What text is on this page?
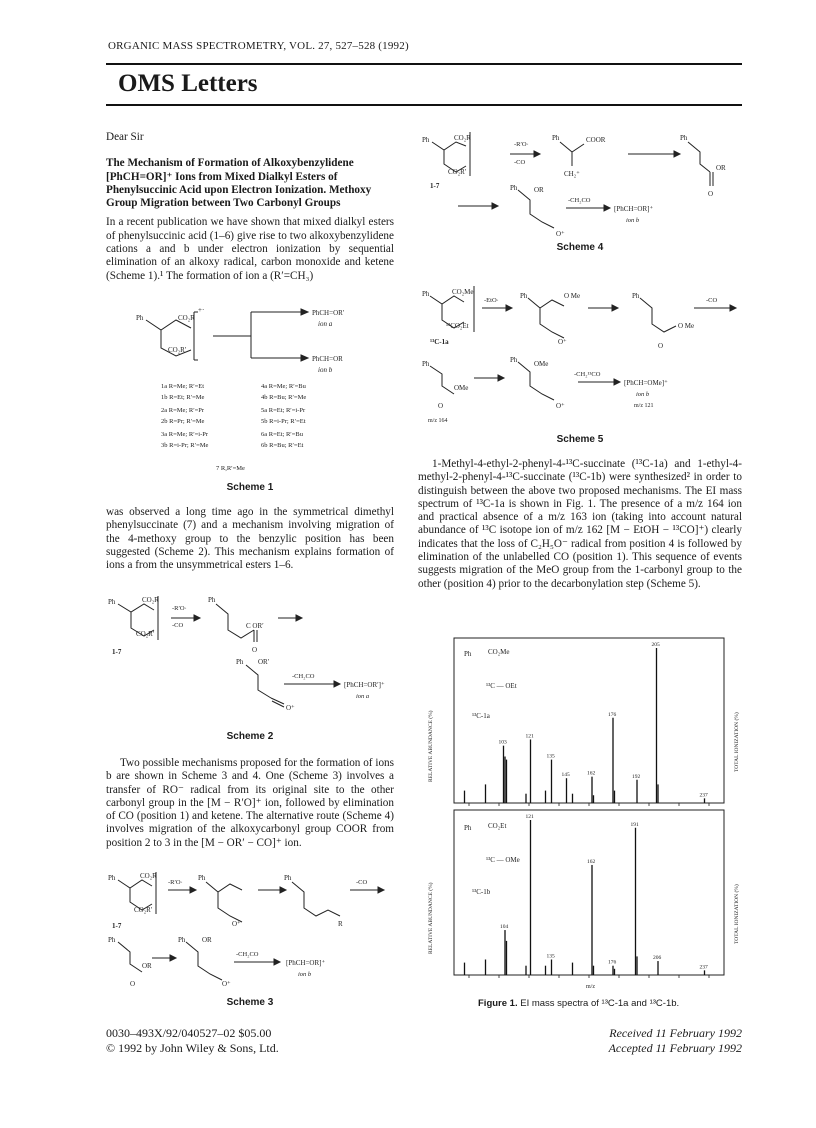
ORGANIC MASS SPECTROMETRY, VOL. 27, 527–528 (1992)
OMS Letters

Dear Sir

The Mechanism of Formation of Alkoxybenzylidene [PhCH=OR]⁺ Ions from Mixed Dialkyl Esters of Phenylsuccinic Acid upon Electron Ionization. Methoxy Group Migration between Two Carbonyl Groups

In a recent publication we have shown that mixed dialkyl esters of phenylsuccinic acid (1–6) give rise to two alkoxybenzylidene cations a and b under electron ionization by sequential elimination of an alkoxy radical, carbon monoxide and ketene (Scheme 1).¹ The formation of ion a (R′=CH₃)

Ph	CO₂R
CO₂R′
+·	PhCH=OR′
ion a
PhCH=OR
ion b
1a R=Me; R′=Et
1b R=Et; R′=Me
2a R=Me; R′=Pr
2b R=Pr; R′=Me
3a R=Me; R′=i-Pr
3b R=i-Pr; R′=Me
4a R=Me; R′=Bu
4b R=Bu; R′=Me
5a R=Et; R′=i-Pr
5b R=i-Pr; R′=Et
6a R=Et; R′=Bu
6b R=Bu; R′=Et
7 R,R′=Me
Scheme 1
was observed a long time ago in the symmetrical dimethyl phenylsuccinate (7) and a mechanism involving migration of the 4-methoxy group to the benzylic position has been suggested (Scheme 2). This mechanism explains formation of ions a from the unsymmetrical esters 1–6.
Ph	CO₂R
CO₂R′
1-7
-R′O·
-CO
Ph
C OR′
O
Ph OR′
O⁺
-CH₂CO
[PhCH=OR′]⁺
ion a
Scheme 2
Two possible mechanisms proposed for the formation of ions b are shown in Scheme 3 and 4. One (Scheme 3) involves a transfer of RO⁻ radical from its original site to the other carbonyl group in the [M − R′O]⁺ ion, followed by elimination of CO (position 1) and ketene. The alternative route (Scheme 4) involves migration of the alkoxycarbonyl group COOR from position 2 to 3 in the [M − OR′ − CO]⁺ ion.
Ph	CO₂R
CO₂R′
1-7
-R′O·
Ph
O⁺
Ph
R
-CO
Ph
OR
O
Ph OR
O⁺
-CH₂CO
[PhCH=OR]⁺
ion b
Scheme 3
Ph	CO₂R
CO₂R′
1-7
-R′O·
-CO
Ph	COOR
CH₂⁺
Ph
OR
O
Ph OR
O⁺
-CH₂CO
[PhCH=OR]⁺
ion b
Scheme 4
Ph	CO₂Me
¹³CO₂Et
¹³C-1a
-EtO·
Ph	O Me
O⁺
Ph
O Me
O
-CO
Ph
OMe
O
m/z 164
Ph OMe
O⁺
-CH₂¹³CO
[PhCH=OMe]⁺
ion b
m/z 121
Scheme 5
1-Methyl-4-ethyl-2-phenyl-4-¹³C-succinate (¹³C-1a) and 1-ethyl-4-methyl-2-phenyl-4-¹³C-succinate (¹³C-1b) were synthesized² in order to distinguish between the above two proposed mechanisms. The EI mass spectrum of ¹³C-1a is shown in Fig. 1. The presence of a m/z 164 ion and practical absence of a m/z 163 ion (taking into account natural abundance of ¹³C isotope ion of m/z 162 [M − EtOH − ¹³CO]⁺) clearly indicates that the loss of C₂H₅O⁻ radical from position 4 is followed by elimination of the unlabelled CO (position 1). This sequence of events suggests migration of the MeO group from the 1-carbonyl group to the other (position 4) prior to the decarbonylation step (Scheme 5).
RELATIVE ABUNDANCE (%)
RELATIVE ABUNDANCE (%)
TOTAL IONIZATION (%)
TOTAL IONIZATION (%)
m/z
Ph CO₂Me
¹³C — OEt
¹³C-1a
Ph CO₂Et
¹³C — OMe
¹³C-1b
103
121
135
145	162
176
192
205
237
104
121
135
162
176
191
206
237
Figure 1. EI mass spectra of ¹³C-1a and ¹³C-1b.
0030–493X/92/040527–02 $05.00
© 1992 by John Wiley & Sons, Ltd.
Received 11 February 1992
Accepted 11 February 1992
